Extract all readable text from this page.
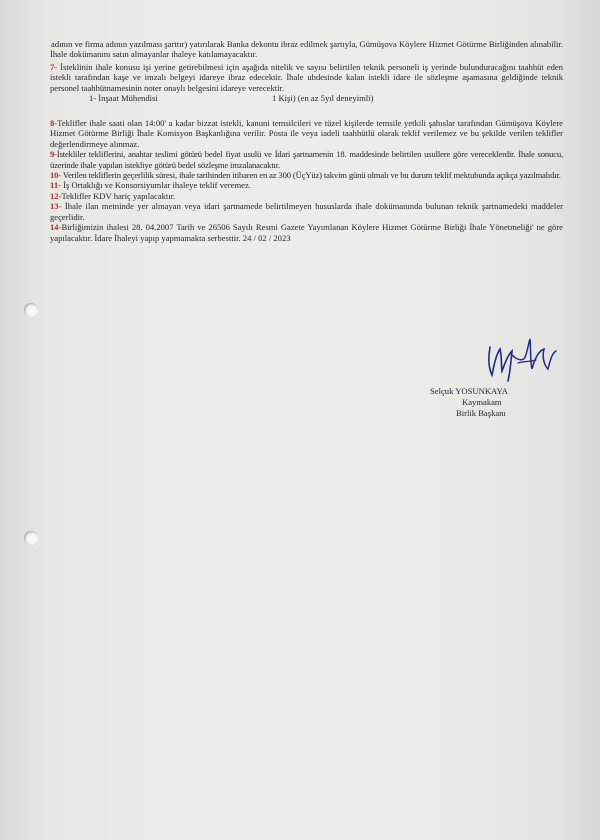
adının ve firma adının yazılması şarttır) yatırılarak Banka dekontu ibraz edilmek şartıyla, Gümüşova Köylere Hizmet Götürme Birliğinden alınabilir.

İhale dokümanını satın almayanlar ihaleye katılamayacaktır.

7- İsteklinin ihale konusu işi yerine getirebilmesi için aşağıda nitelik ve sayısı belirtilen teknik personeli iş yerinde bulunduracağını taahhüt eden istekli tarafından kaşe ve imzalı belgeyi idareye ibraz edecektir. İhale uhdesinde kalan istekli idare ile sözleşme aşamasına geldiğinde teknik personel taahhütnamesinin noter onaylı belgesini idareye verecektir.

1- İnşaat Mühendisi	1 Kişi) (en az 5yıl deneyimli)

8-Teklifler ihale saati olan 14:00' a kadar bizzat istekli, kanuni temsilcileri ve tüzel kişilerde temsile yetkili şahıslar tarafından Gümüşova Köylere Hizmet Götürme Birliği İhale Komisyon Başkanlığına verilir. Posta ile veya iadeli taahhütlü olarak teklif verilemez ve bu şekilde verilen teklifler değerlendirmeye alınmaz.

9-İstekliler tekliflerini, anahtar teslimi götürü bedel fiyat usulü ve İdari şartnamenin 18. maddesinde belirtilen usullere göre vereceklerdir. İhale sonucu, üzerinde ihale yapılan istekliye götürü bedel sözleşme imzalanacaktır.

10- Verilen tekliflerin geçerlilik süresi, ihale tarihinden itibaren en az 300 (ÜçYüz) takvim günü olmalı ve bu durum teklif mektubunda açıkça yazılmalıdır.

11- İş Ortaklığı ve Konsorsiyumlar ihaleye teklif veremez.

12-Teklifler KDV hariç yapılacaktır.

13- İhale ilan metninde yer almayan veya idari şartnamede belirtilmeyen hususlarda ihale dokümanında bulunan teknik şartnamedeki maddeler geçerlidir.

14-Birliğimizin ihalesi 28. 04.2007 Tarih ve 26506 Sayılı Resmi Gazete Yayımlanan Köylere Hizmet Götürme Birliği İhale Yönetmeliği' ne göre yapılacaktır. İdare İhaleyi yapıp yapmamakta serbesttir. 24 / 02 / 2023

Selçuk YOSUNKAYA
Kaymakam
Birlik Başkanı
